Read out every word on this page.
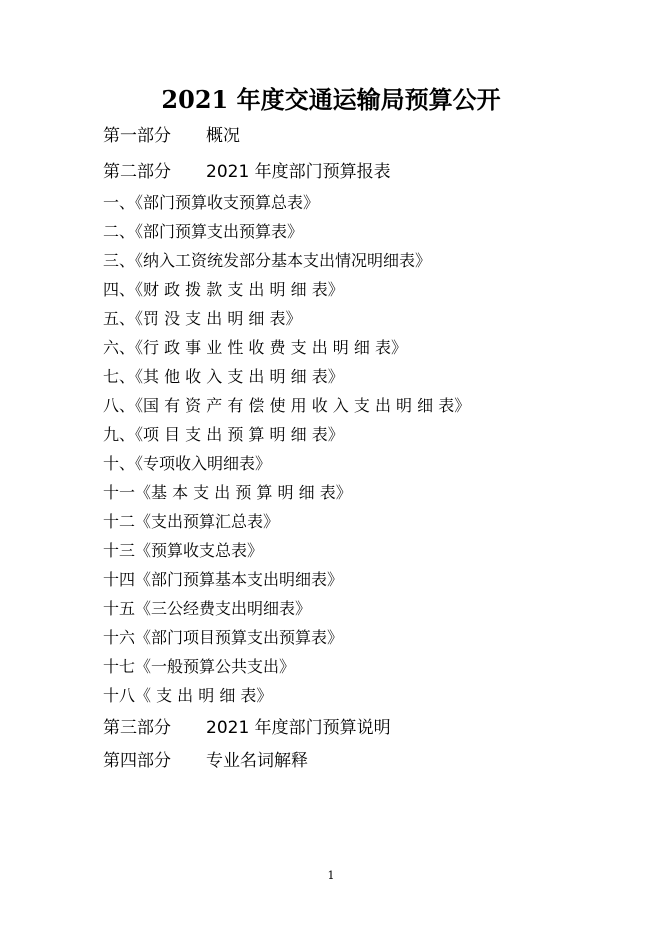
2021 年度交通运输局预算公开
第一部分 概况
第二部分 2021 年度部门预算报表
一、《部门预算收支预算总表》
二、《部门预算支出预算表》
三、《纳入工资统发部分基本支出情况明细表》
四、《财 政 拨 款 支 出 明 细 表》
五、《罚 没 支 出 明 细 表》
六、《行 政 事 业 性 收 费 支 出 明 细 表》
七、《其 他 收 入 支 出 明 细 表》
八、《国 有 资 产 有 偿 使 用 收 入 支 出 明 细 表》
九、《项 目 支 出 预 算 明 细 表》
十、《专项收入明细表》
十一《基 本 支 出 预 算 明 细 表》
十二《支出预算汇总表》
十三《预算收支总表》
十四《部门预算基本支出明细表》
十五《三公经费支出明细表》
十六《部门项目预算支出预算表》
十七《一般预算公共支出》
十八《 支 出 明 细 表》
第三部分 2021 年度部门预算说明
第四部分 专业名词解释
1
